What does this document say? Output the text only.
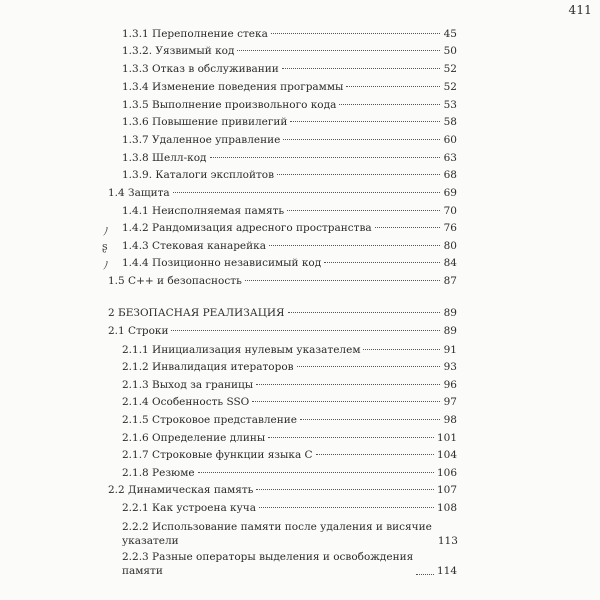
411
1.3.1 Переполнение стека	45
1.3.2. Уязвимый код	50
1.3.3 Отказ в обслуживании	52
1.3.4 Изменение поведения программы	52
1.3.5 Выполнение произвольного кода	53
1.3.6 Повышение привилегий	58
1.3.7 Удаленное управление	60
1.3.8 Шелл-код	63
1.3.9. Каталоги эксплойтов	68
1.4 Защита	69
1.4.1 Неисполняемая память	70
1.4.2 Рандомизация адресного пространства	76
1.4.3 Стековая канарейка	80
1.4.4 Позиционно независимый код	84
1.5 C++ и безопасность	87
2 БЕЗОПАСНАЯ РЕАЛИЗАЦИЯ	89
2.1 Строки	89
2.1.1 Инициализация нулевым указателем	91
2.1.2 Инвалидация итераторов	93
2.1.3 Выход за границы	96
2.1.4 Особенность SSO	97
2.1.5 Строковое представление	98
2.1.6 Определение длины	101
2.1.7 Строковые функции языка C	104
2.1.8 Резюме	106
2.2 Динамическая память	107
2.2.1 Как устроена куча	108
2.2.2 Использование памяти после удаления и висячие
указатели	113
2.2.3 Разные операторы выделения и освобождения
памяти	114
ﾉ
ʂ
ﾉ
